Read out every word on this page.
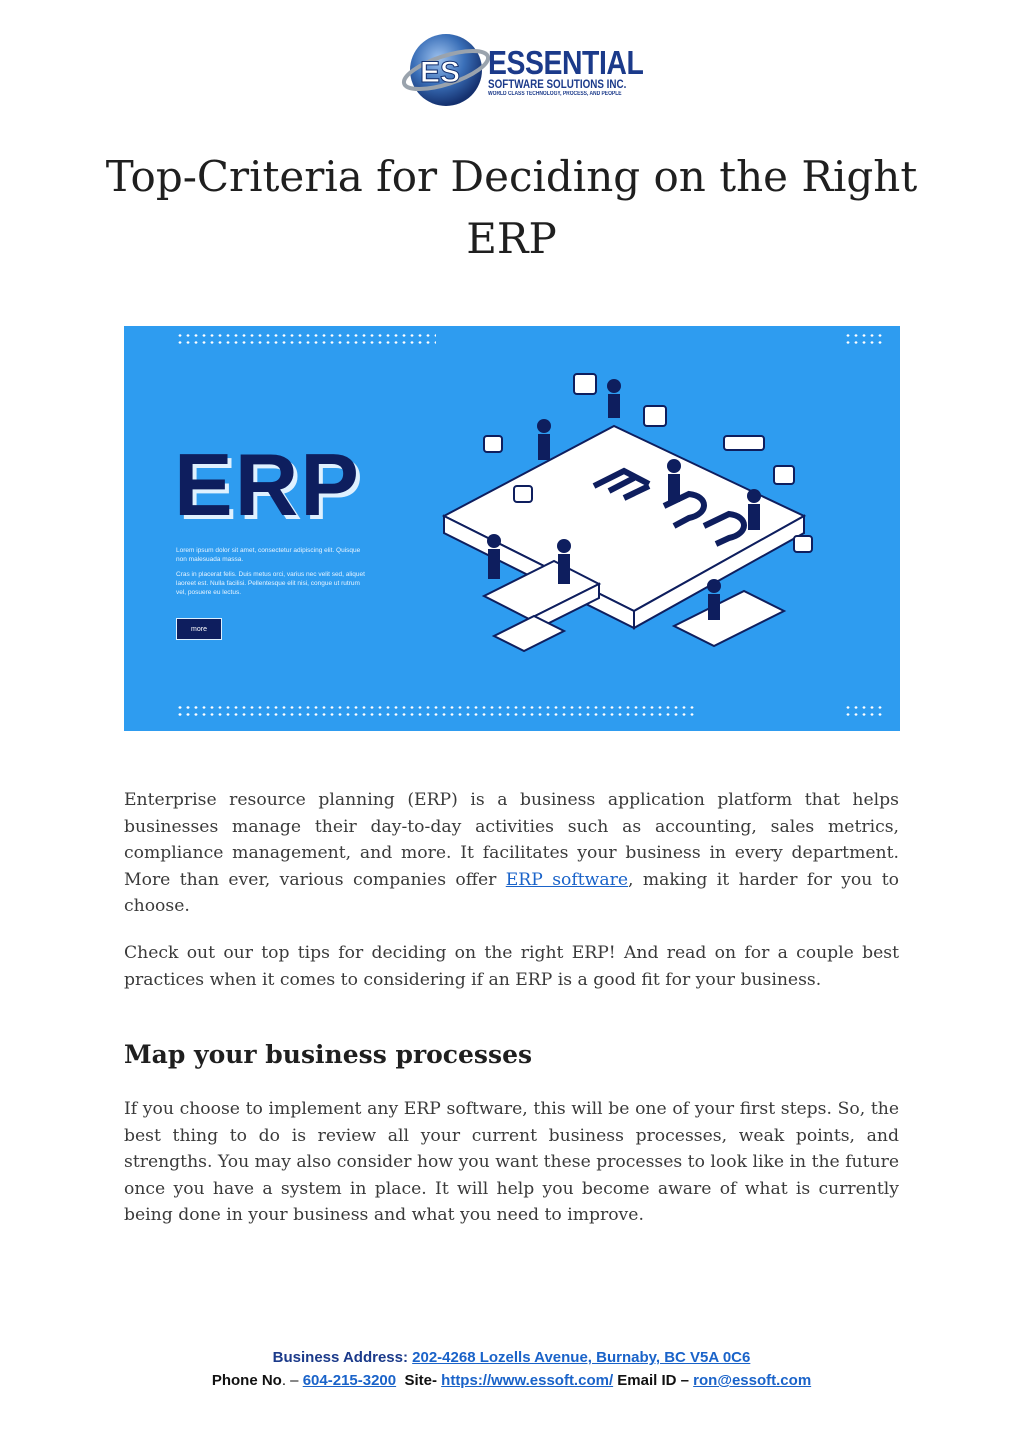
ES ESSENTIAL
SOFTWARE SOLUTIONS INC.
WORLD CLASS TECHNOLOGY, PROCESS, AND PEOPLE
Top-Criteria for Deciding on the Right ERP
ERP

Lorem ipsum dolor sit amet, consectetur adipiscing elit. Quisque non malesuada massa.

Cras in placerat felis. Duis metus orci, varius nec velit sed, aliquet laoreet est. Nulla facilisi. Pellentesque elit nisi, congue ut rutrum vel, posuere eu lectus.

more

Enterprise resource planning (ERP) is a business application platform that helps businesses manage their day-to-day activities such as accounting, sales metrics, compliance management, and more. It facilitates your business in every department. More than ever, various companies offer ERP software, making it harder for you to choose.

Check out our top tips for deciding on the right ERP! And read on for a couple best practices when it comes to considering if an ERP is a good fit for your business.

Map your business processes

If you choose to implement any ERP software, this will be one of your first steps. So, the best thing to do is review all your current business processes, weak points, and strengths. You may also consider how you want these processes to look like in the future once you have a system in place. It will help you become aware of what is currently being done in your business and what you need to improve.

Business Address: 202-4268 Lozells Avenue, Burnaby, BC V5A 0C6
Phone No. – 604-215-3200 Site- https://www.essoft.com/ Email ID – ron@essoft.com
